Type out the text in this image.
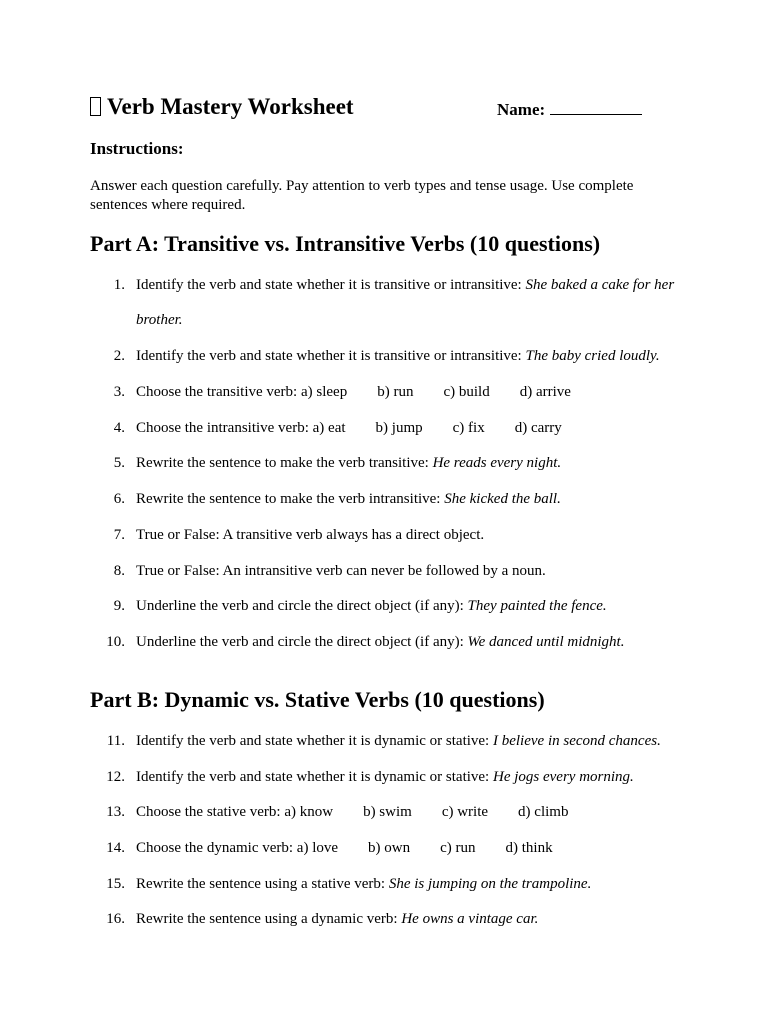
Verb Mastery Worksheet	Name:
Instructions:
Answer each question carefully. Pay attention to verb types and tense usage. Use complete sentences where required.
Part A: Transitive vs. Intransitive Verbs (10 questions)
1. Identify the verb and state whether it is transitive or intransitive: She baked a cake for her
brother.
2. Identify the verb and state whether it is transitive or intransitive: The baby cried loudly.
3. Choose the transitive verb: a) sleep b) run c) build d) arrive
4. Choose the intransitive verb: a) eat b) jump c) fix d) carry
5. Rewrite the sentence to make the verb transitive: He reads every night.
6. Rewrite the sentence to make the verb intransitive: She kicked the ball.
7. True or False: A transitive verb always has a direct object.
8. True or False: An intransitive verb can never be followed by a noun.
9. Underline the verb and circle the direct object (if any): They painted the fence.
10. Underline the verb and circle the direct object (if any): We danced until midnight.
Part B: Dynamic vs. Stative Verbs (10 questions)
11. Identify the verb and state whether it is dynamic or stative: I believe in second chances.
12. Identify the verb and state whether it is dynamic or stative: He jogs every morning.
13. Choose the stative verb: a) know b) swim c) write d) climb
14. Choose the dynamic verb: a) love b) own c) run d) think
15. Rewrite the sentence using a stative verb: She is jumping on the trampoline.
16. Rewrite the sentence using a dynamic verb: He owns a vintage car.
